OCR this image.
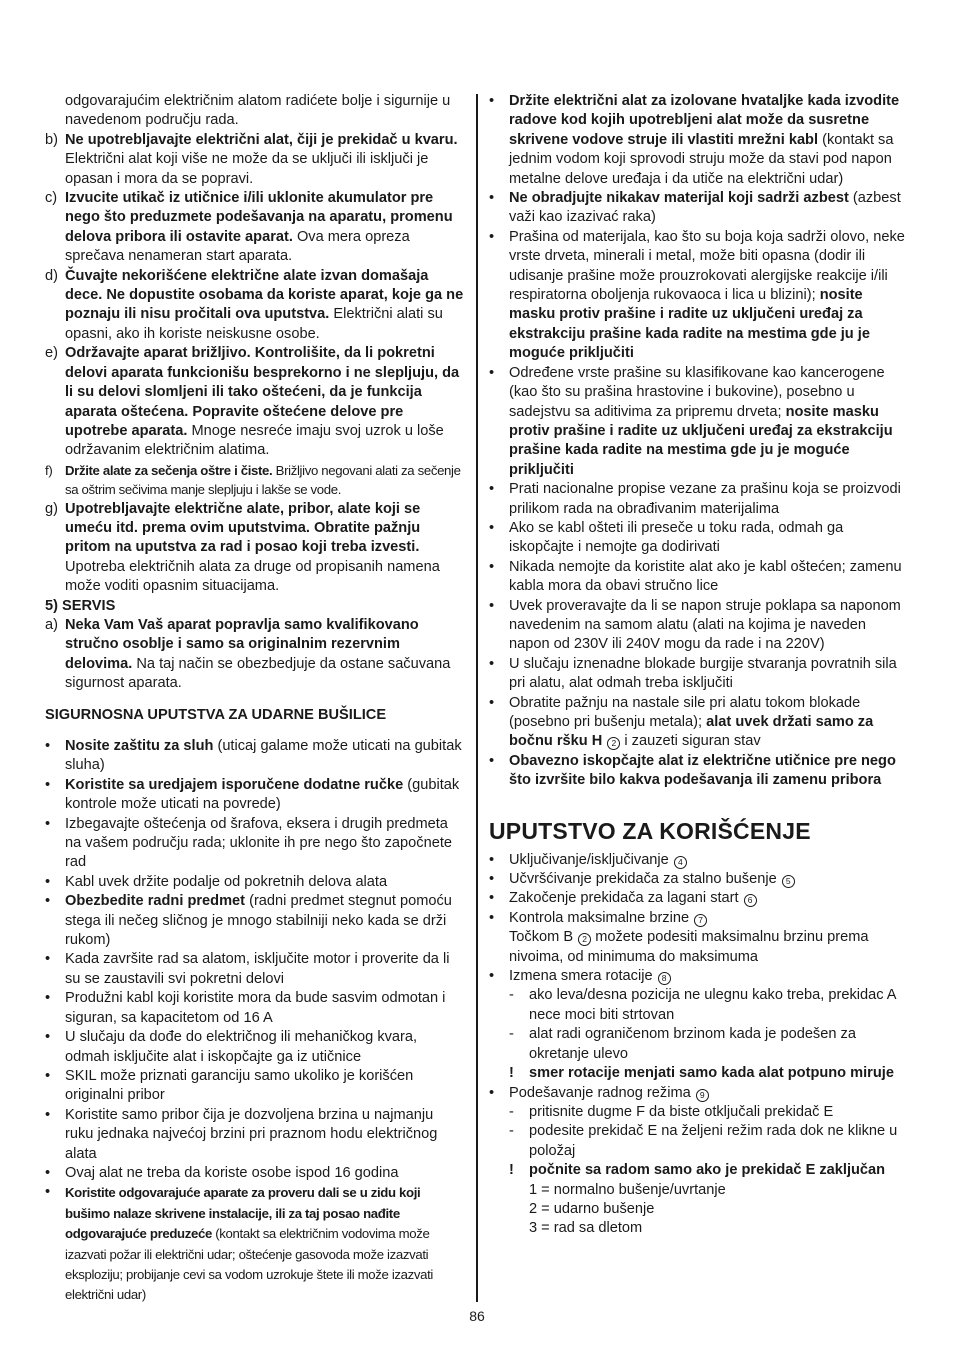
odgovarajućim električnim alatom radićete bolje i sigurnije u navedenom području rada.
b) Ne upotrebljavajte električni alat, čiji je prekidač u kvaru. Električni alat koji više ne može da se uključi ili isključi je opasan i mora da se popravi.
c) Izvucite utikač iz utičnice i/ili uklonite akumulator pre nego što preduzmete podešavanja na aparatu, promenu delova pribora ili ostavite aparat. Ova mera opreza sprečava nenameran start aparata.
d) Čuvajte nekorišćene električne alate izvan domašaja dece. Ne dopustite osobama da koriste aparat, koje ga ne poznaju ili nisu pročitali ova uputstva. Električni alati su opasni, ako ih koriste neiskusne osobe.
e) Održavajte aparat brižljivo. Kontrolišite, da li pokretni delovi aparata funkcionišu besprekorno i ne slepljuju, da li su delovi slomljeni ili tako oštećeni, da je funkcija aparata oštećena. Popravite oštećene delove pre upotrebe aparata. Mnoge nesreće imaju svoj uzrok u loše održavanim električnim alatima.
f) Držite alate za sečenja oštre i čiste. Brižljivo negovani alati za sečenje sa oštrim sečivima manje slepljuju i lakše se vode.
g) Upotrebljavajte električne alate, pribor, alate koji se umeću itd. prema ovim uputstvima. Obratite pažnju pritom na uputstva za rad i posao koji treba izvesti. Upotreba električnih alata za druge od propisanih namena može voditi opasnim situacijama.
5) SERVIS
a) Neka Vam Vaš aparat popravlja samo kvalifikovano stručno osoblje i samo sa originalnim rezervnim delovima. Na taj način se obezbedjuje da ostane sačuvana sigurnost aparata.
SIGURNOSNA UPUTSTVA ZA UDARNE BUŠILICE
• Nosite zaštitu za sluh (uticaj galame može uticati na gubitak sluha)
• Koristite sa uredjajem isporučene dodatne ručke (gubitak kontrole može uticati na povrede)
• Izbegavajte oštećenja od šrafova, eksera i drugih predmeta na vašem području rada; uklonite ih pre nego što započnete rad
• Kabl uvek držite podalje od pokretnih delova alata
• Obezbedite radni predmet (radni predmet stegnut pomoću stega ili nečeg sličnog je mnogo stabilniji neko kada se drži rukom)
• Kada završite rad sa alatom, isključite motor i proverite da li su se zaustavili svi pokretni delovi
• Produžni kabl koji koristite mora da bude sasvim odmotan i siguran, sa kapacitetom od 16 A
• U slučaju da dođe do električnog ili mehaničkog kvara, odmah isključite alat i iskopčajte ga iz utičnice
• SKIL može priznati garanciju samo ukoliko je korišćen originalni pribor
• Koristite samo pribor čija je dozvoljena brzina u najmanju ruku jednaka najvećoj brzini pri praznom hodu električnog alata
• Ovaj alat ne treba da koriste osobe ispod 16 godina
• Koristite odgovarajuće aparate za proveru dali se u zidu koji bušimo nalaze skrivene instalacije, ili za taj posao nađite odgovarajuće preduzeće (kontakt sa električnim vodovima može izazvati požar ili električni udar; oštećenje gasovoda može izazvati eksploziju; probijanje cevi sa vodom uzrokuje štete ili može izazvati električni udar)
• Držite električni alat za izolovane hvataljke kada izvodite radove kod kojih upotrebljeni alat može da susretne skrivene vodove struje ili vlastiti mrežni kabl (kontakt sa jednim vodom koji sprovodi struju može da stavi pod napon metalne delove uređaja i da utiče na električni udar)
• Ne obradjujte nikakav materijal koji sadrži azbest (azbest važi kao izazivać raka)
• Prašina od materijala, kao što su boja koja sadrži olovo, neke vrste drveta, minerali i metal, može biti opasna (dodir ili udisanje prašine može prouzrokovati alergijske reakcije i/ili respiratorna oboljenja rukovaoca i lica u blizini); nosite masku protiv prašine i radite uz uključeni uređaj za ekstrakciju prašine kada radite na mestima gde ju je moguće priključiti
• Određene vrste prašine su klasifikovane kao kancerogene (kao što su prašina hrastovine i bukovine), posebno u sadejstvu sa aditivima za pripremu drveta; nosite masku protiv prašine i radite uz uključeni uređaj za ekstrakciju prašine kada radite na mestima gde ju je moguće priključiti
• Prati nacionalne propise vezane za prašinu koja se proizvodi prilikom rada na obrađivanim materijalima
• Ako se kabl ošteti ili preseče u toku rada, odmah ga iskopčajte i nemojte ga dodirivati
• Nikada nemojte da koristite alat ako je kabl oštećen; zamenu kabla mora da obavi stručno lice
• Uvek proveravajte da li se napon struje poklapa sa naponom navedenim na samom alatu (alati na kojima je naveden napon od 230V ili 240V mogu da rade i na 220V)
• U slučaju iznenadne blokade burgije stvaranja povratnih sila pri alatu, alat odmah treba isključiti
• Obratite pažnju na nastale sile pri alatu tokom blokade (posebno pri bušenju metala); alat uvek držati samo za bočnu ršku H 2 i zauzeti siguran stav
• Obavezno iskopčajte alat iz električne utičnice pre nego što izvršite bilo kakva podešavanja ili zamenu pribora
UPUTSTVO ZA KORIŠĆENJE
• Uključivanje/isključivanje 4
• Učvršćivanje prekidača za stalno bušenje 5
• Zakočenje prekidača za lagani start 6
• Kontrola maksimalne brzine 7
Točkom B 2 možete podesiti maksimalnu brzinu prema nivoima, od minimuma do maksimuma
• Izmena smera rotacije 8
- ako leva/desna pozicija ne ulegnu kako treba, prekidac A nece moci biti strtovan
- alat radi ograničenom brzinom kada je podešen za okretanje ulevo
! smer rotacije menjati samo kada alat potpuno miruje
• Podešavanje radnog režima 9
- pritisnite dugme F da biste otključali prekidač E
- podesite prekidač E na željeni režim rada dok ne klikne u položaj
! počnite sa radom samo ako je prekidač E zaključan
1 = normalno bušenje/uvrtanje
2 = udarno bušenje
3 = rad sa dletom
86
